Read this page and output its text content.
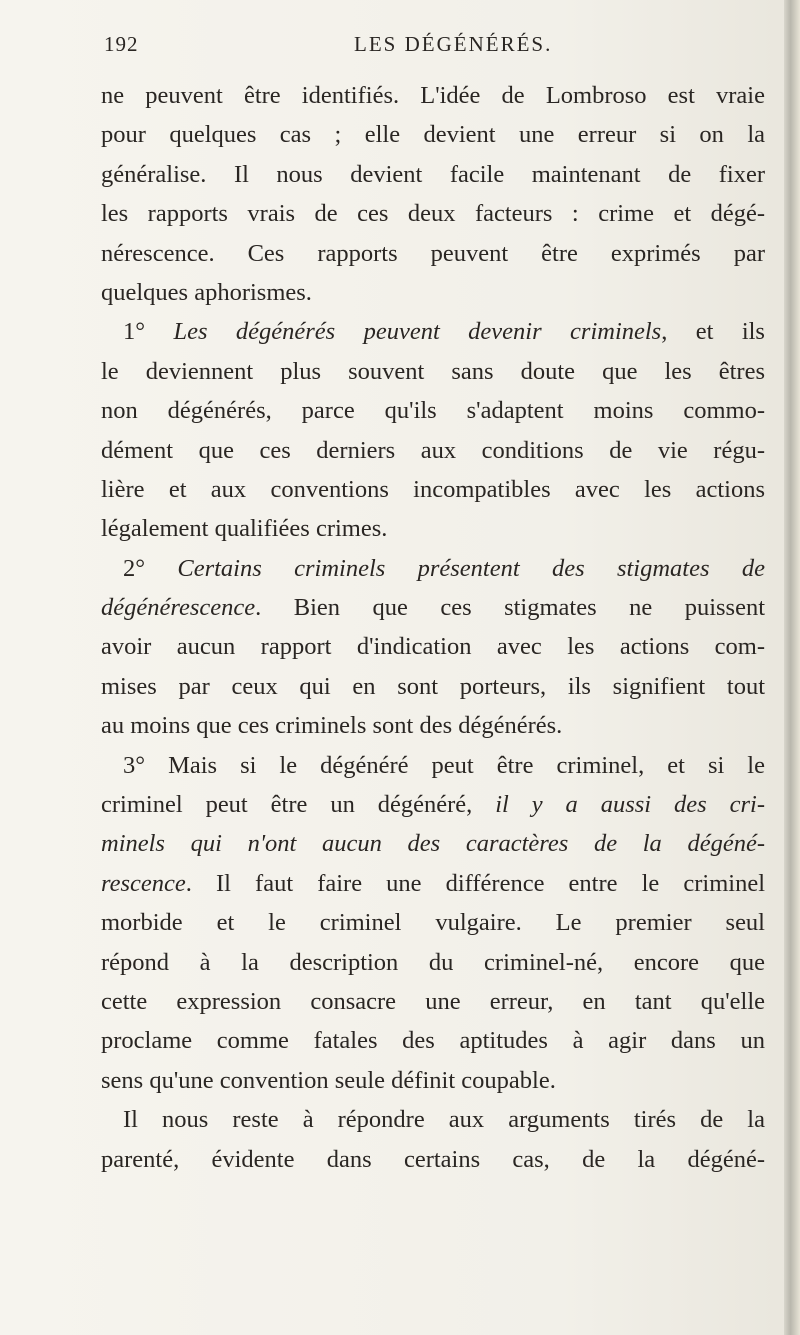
192	LES DÉGÉNÉRÉS.
ne peuvent être identifiés. L'idée de Lombroso est vraie
pour quelques cas ; elle devient une erreur si on la
généralise. Il nous devient facile maintenant de fixer
les rapports vrais de ces deux facteurs : crime et dégé-
nérescence. Ces rapports peuvent être exprimés par
quelques aphorismes.
1° Les dégénérés peuvent devenir criminels, et ils
le deviennent plus souvent sans doute que les êtres
non dégénérés, parce qu'ils s'adaptent moins commo-
dément que ces derniers aux conditions de vie régu-
lière et aux conventions incompatibles avec les actions
légalement qualifiées crimes.
2° Certains criminels présentent des stigmates de
dégénérescence. Bien que ces stigmates ne puissent
avoir aucun rapport d'indication avec les actions com-
mises par ceux qui en sont porteurs, ils signifient tout
au moins que ces criminels sont des dégénérés.
3° Mais si le dégénéré peut être criminel, et si le
criminel peut être un dégénéré, il y a aussi des cri-
minels qui n'ont aucun des caractères de la dégéné-
rescence. Il faut faire une différence entre le criminel
morbide et le criminel vulgaire. Le premier seul
répond à la description du criminel-né, encore que
cette expression consacre une erreur, en tant qu'elle
proclame comme fatales des aptitudes à agir dans un
sens qu'une convention seule définit coupable.
Il nous reste à répondre aux arguments tirés de la
parenté, évidente dans certains cas, de la dégéné-
